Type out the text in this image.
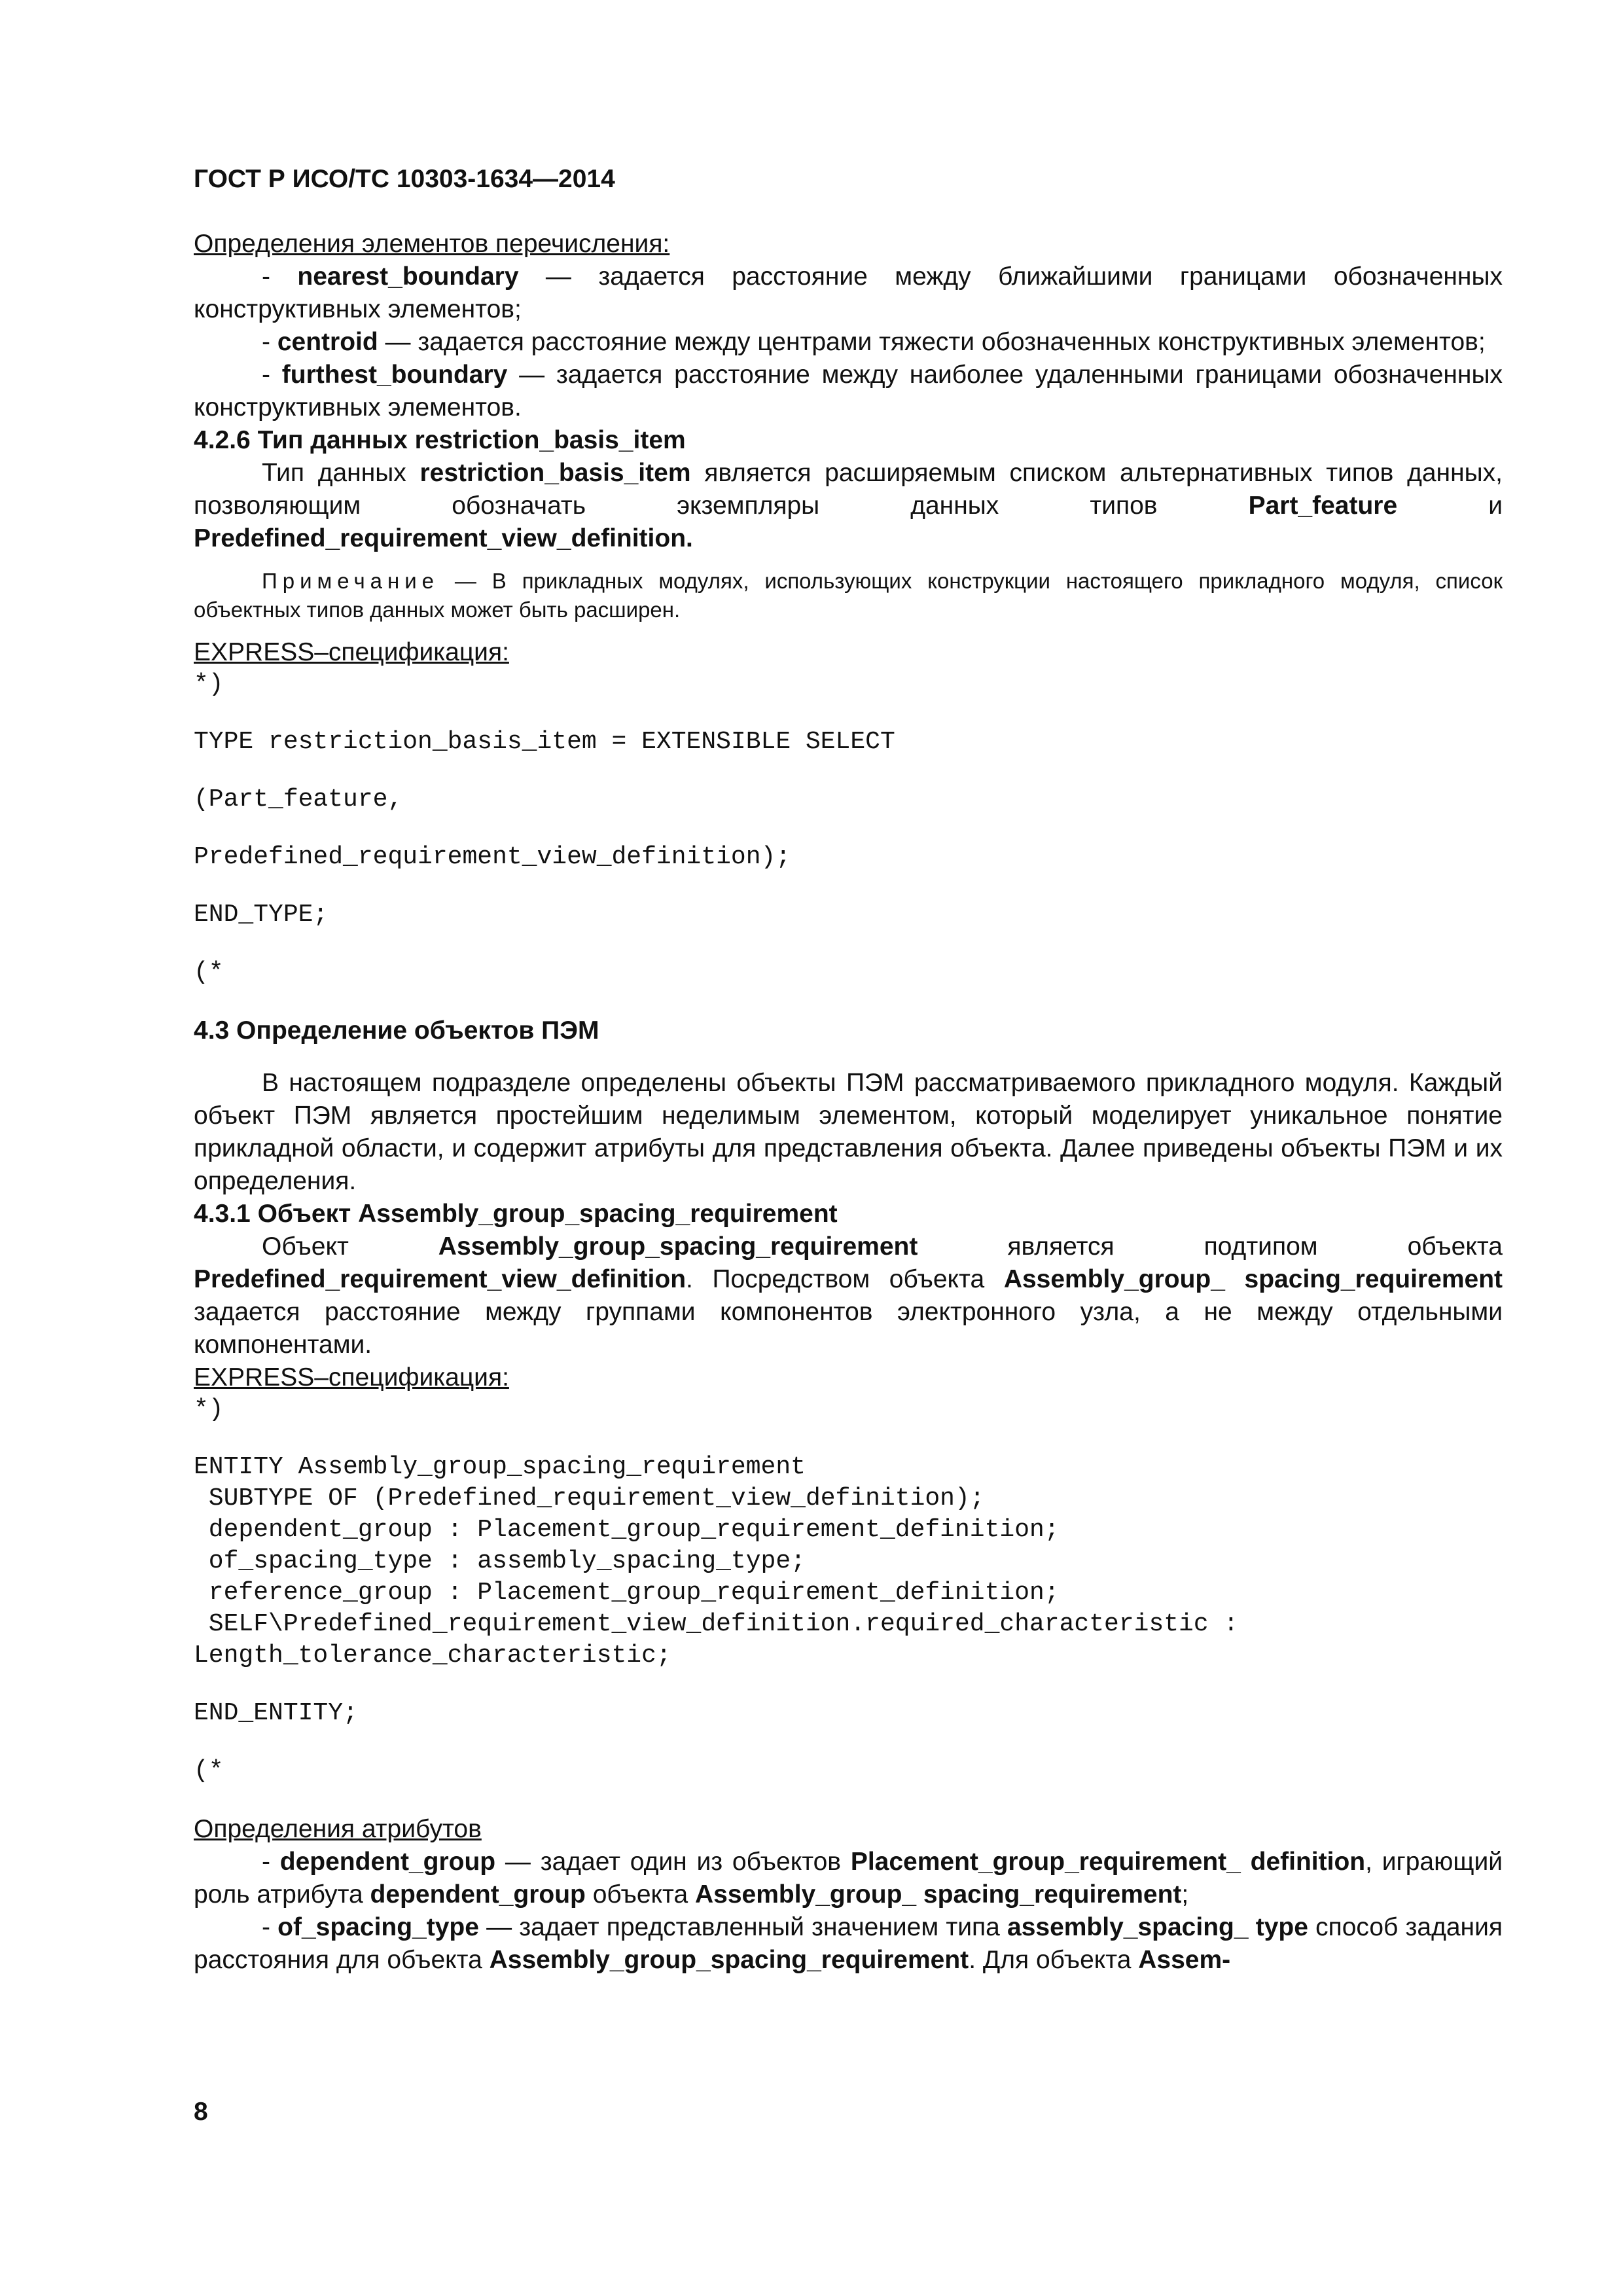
ГОСТ Р ИСО/ТС 10303-1634—2014

Определения элементов перечисления:

- nearest_boundary — задается расстояние между ближайшими границами обозначенных конструктивных элементов;

- centroid — задается расстояние между центрами тяжести обозначенных конструктивных элементов;

- furthest_boundary — задается расстояние между наиболее удаленными границами обозначенных конструктивных элементов.

4.2.6 Тип данных restriction_basis_item

Тип данных restriction_basis_item является расширяемым списком альтернативных типов данных, позволяющим обозначать экземпляры данных типов Part_feature и Predefined_requirement_view_definition.

Примечание — В прикладных модулях, использующих конструкции настоящего прикладного модуля, список объектных типов данных может быть расширен.

EXPRESS–спецификация:

*)
TYPE restriction_basis_item = EXTENSIBLE SELECT
(Part_feature,
Predefined_requirement_view_definition);
END_TYPE;
(*

4.3 Определение объектов ПЭМ

В настоящем подразделе определены объекты ПЭМ рассматриваемого прикладного модуля. Каждый объект ПЭМ является простейшим неделимым элементом, который моделирует уникальное понятие прикладной области, и содержит атрибуты для представления объекта. Далее приведены объекты ПЭМ и их определения.

4.3.1 Объект Assembly_group_spacing_requirement

Объект Assembly_group_spacing_requirement является подтипом объекта Predefined_requirement_view_definition. Посредством объекта Assembly_group_ spacing_requirement задается расстояние между группами компонентов электронного узла, а не между отдельными компонентами.

EXPRESS–спецификация:

*)
ENTITY Assembly_group_spacing_requirement
SUBTYPE OF (Predefined_requirement_view_definition);
dependent_group : Placement_group_requirement_definition;
of_spacing_type : assembly_spacing_type;
reference_group : Placement_group_requirement_definition;
SELF\Predefined_requirement_view_definition.required_characteristic :
Length_tolerance_characteristic;
END_ENTITY;
(*

Определения атрибутов

- dependent_group — задает один из объектов Placement_group_requirement_ definition, играющий роль атрибута dependent_group объекта Assembly_group_ spacing_requirement;

- of_spacing_type — задает представленный значением типа assembly_spacing_ type способ задания расстояния для объекта Assembly_group_spacing_requirement. Для объекта Assem-

8
